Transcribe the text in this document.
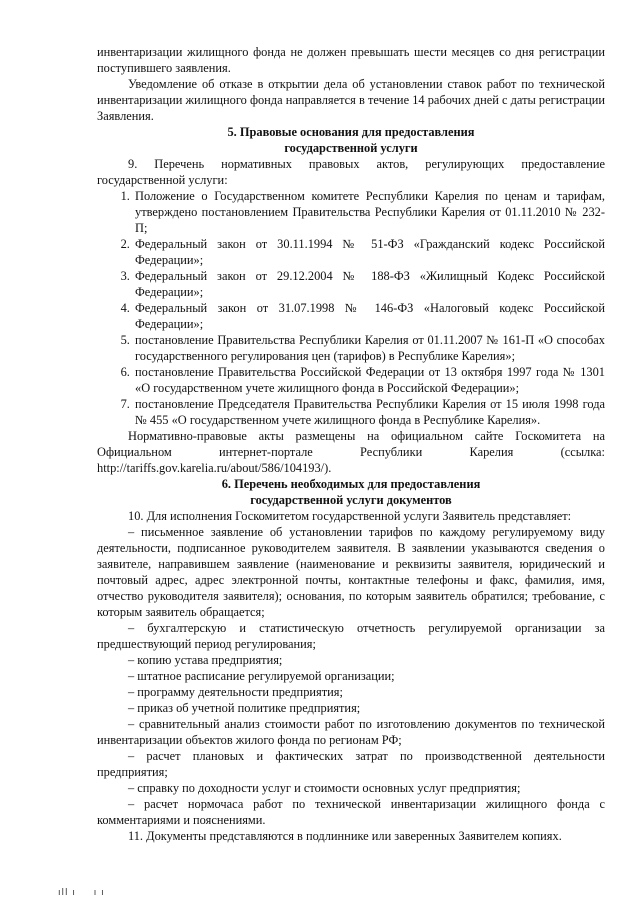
инвентаризации жилищного фонда не должен превышать шести месяцев со дня регистрации поступившего заявления.

Уведомление об отказе в открытии дела об установлении ставок работ по технической инвентаризации жилищного фонда направляется в течение 14 рабочих дней с даты регистрации Заявления.

5. Правовые основания для предоставления
государственной услуги

9. Перечень нормативных правовых актов, регулирующих предоставление государственной услуги:

1. Положение о Государственном комитете Республики Карелия по ценам и тарифам, утверждено постановлением Правительства Республики Карелия от 01.11.2010 № 232-П;
2. Федеральный закон от 30.11.1994 № 51-ФЗ «Гражданский кодекс Российской Федерации»;
3. Федеральный закон от 29.12.2004 № 188-ФЗ «Жилищный Кодекс Российской Федерации»;
4. Федеральный закон от 31.07.1998 № 146-ФЗ «Налоговый кодекс Российской Федерации»;
5. постановление Правительства Республики Карелия от 01.11.2007 № 161-П «О способах государственного регулирования цен (тарифов) в Республике Карелия»;
6. постановление Правительства Российской Федерации от 13 октября 1997 года № 1301 «О государственном учете жилищного фонда в Российской Федерации»;
7. постановление Председателя Правительства Республики Карелия от 15 июля 1998 года № 455 «О государственном учете жилищного фонда в Республике Карелия».

Нормативно-правовые акты размещены на официальном сайте Госкомитета на Официальном интернет-портале Республики Карелия (ссылка: http://tariffs.gov.karelia.ru/about/586/104193/).

6. Перечень необходимых для предоставления
государственной услуги документов

10. Для исполнения Госкомитетом государственной услуги Заявитель представляет:

– письменное заявление об установлении тарифов по каждому регулируемому виду деятельности, подписанное руководителем заявителя. В заявлении указываются сведения о заявителе, направившем заявление (наименование и реквизиты заявителя, юридический и почтовый адрес, адрес электронной почты, контактные телефоны и факс, фамилия, имя, отчество руководителя заявителя); основания, по которым заявитель обратился; требование, с которым заявитель обращается;

– бухгалтерскую и статистическую отчетность регулируемой организации за предшествующий период регулирования;

– копию устава предприятия;

– штатное расписание регулируемой организации;

– программу деятельности предприятия;

– приказ об учетной политике предприятия;

– сравнительный анализ стоимости работ по изготовлению документов по технической инвентаризации объектов жилого фонда по регионам РФ;

– расчет плановых и фактических затрат по производственной деятельности предприятия;

– справку по доходности услуг и стоимости основных услуг предприятия;

– расчет нормочаса работ по технической инвентаризации жилищного фонда с комментариями и пояснениями.

11. Документы представляются в подлиннике или заверенных Заявителем копиях.

ıll ı ı ı
